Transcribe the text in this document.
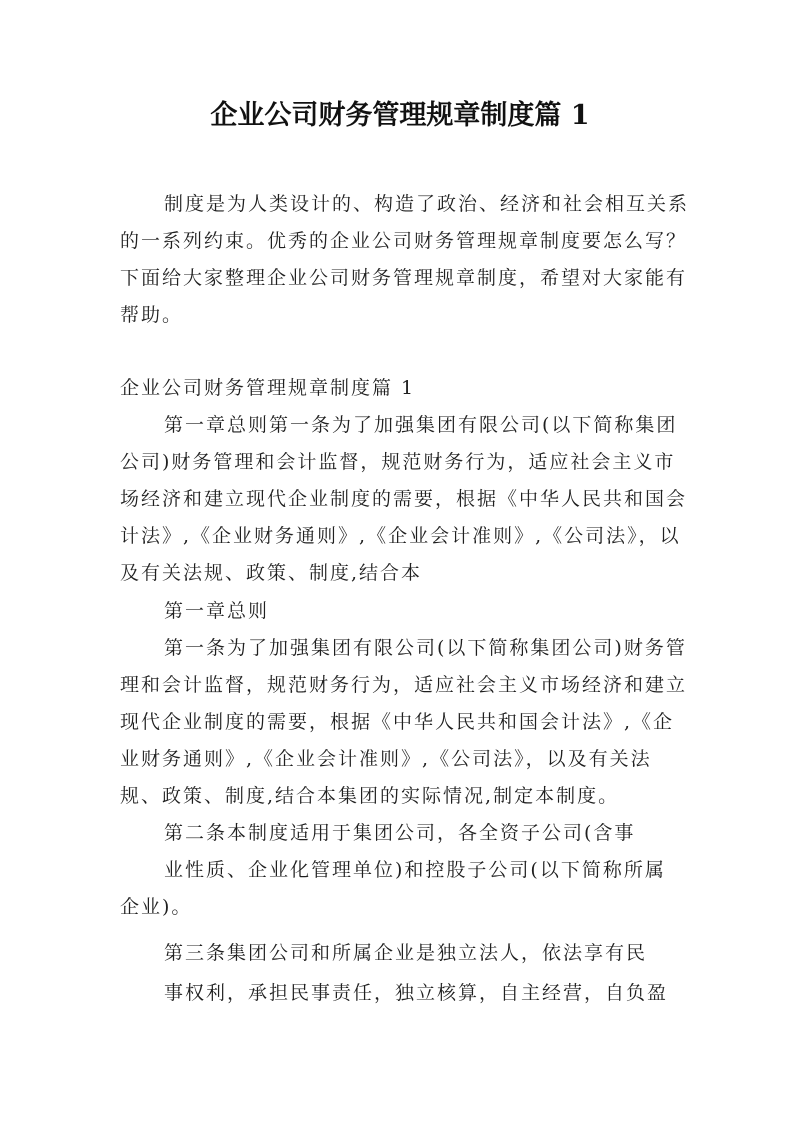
企业公司财务管理规章制度篇 1

制度是为人类设计的、构造了政治、经济和社会相互关系的一系列约束。优秀的企业公司财务管理规章制度要怎么写？下面给大家整理企业公司财务管理规章制度，希望对大家能有帮助。

企业公司财务管理规章制度篇 1

第一章总则第一条为了加强集团有限公司(以下简称集团公司)财务管理和会计监督，规范财务行为，适应社会主义市场经济和建立现代企业制度的需要，根据《中华人民共和国会计法》,《企业财务通则》,《企业会计准则》,《公司法》，以及有关法规、政策、制度,结合本

第一章总则

第一条为了加强集团有限公司(以下简称集团公司)财务管理和会计监督，规范财务行为，适应社会主义市场经济和建立现代企业制度的需要，根据《中华人民共和国会计法》,《企业财务通则》,《企业会计准则》,《公司法》，以及有关法规、政策、制度,结合本集团的实际情况,制定本制度。

第二条本制度适用于集团公司，各全资子公司(含事

业性质、企业化管理单位)和控股子公司(以下简称所属

企业)。

第三条集团公司和所属企业是独立法人，依法享有民

事权利，承担民事责任，独立核算，自主经营，自负盈
